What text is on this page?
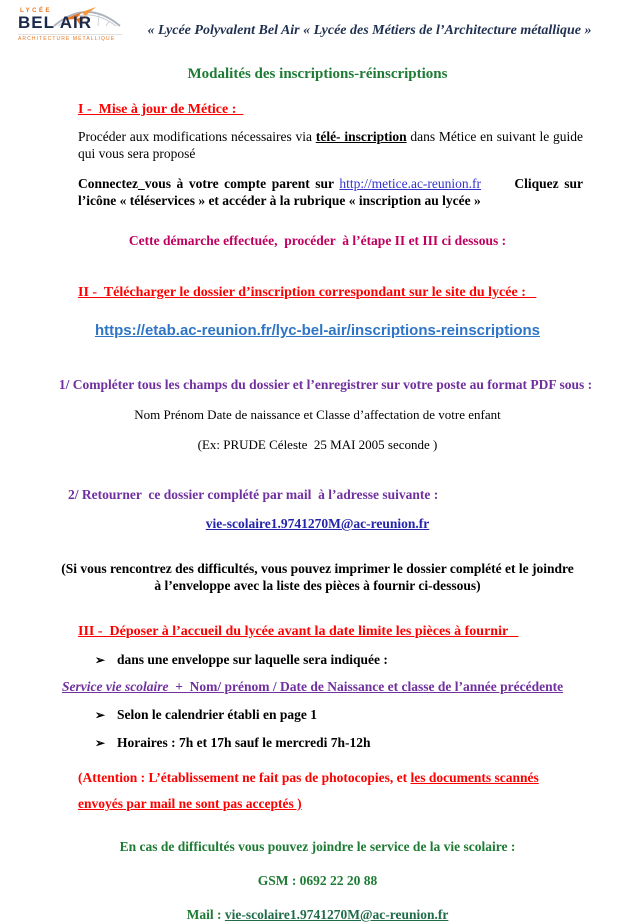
LYCÉE
BEL AIR
ARCHITECTURE MÉTALLIQUE
« Lycée Polyvalent Bel Air « Lycée des Métiers de l’Architecture métallique »
Modalités des inscriptions-réinscriptions
I -  Mise à jour de Métice :
Procéder aux modifications nécessaires via télé- inscription dans Métice en suivant le guide qui vous sera proposé
Connectez_vous à votre compte parent sur http://metice.ac-reunion.fr      Cliquez sur l’icône « téléservices » et accéder à la rubrique « inscription au lycée »
Cette démarche effectuée,  procéder  à l’étape II et III ci dessous :
II -  Télécharger le dossier d’inscription correspondant sur le site du lycée :
https://etab.ac-reunion.fr/lyc-bel-air/inscriptions-reinscriptions
1/ Compléter tous les champs du dossier et l’enregistrer sur votre poste au format PDF sous :
Nom Prénom Date de naissance et Classe d’affectation de votre enfant
(Ex: PRUDE Céleste  25 MAI 2005 seconde )
2/ Retourner  ce dossier complété par mail  à l’adresse suivante :
vie-scolaire1.9741270M@ac-reunion.fr
(Si vous rencontrez des difficultés, vous pouvez imprimer le dossier complété et le joindre à l’enveloppe avec la liste des pièces à fournir ci-dessous)
III -  Déposer à l’accueil du lycée avant la date limite les pièces à fournir
➢ dans une enveloppe sur laquelle sera indiquée :
Service vie scolaire  +  Nom/ prénom / Date de Naissance et classe de l’année précédente
➢ Selon le calendrier établi en page 1
➢ Horaires : 7h et 17h sauf le mercredi 7h-12h
(Attention : L’établissement ne fait pas de photocopies, et les documents scannés envoyés par mail ne sont pas acceptés )
En cas de difficultés vous pouvez joindre le service de la vie scolaire :
GSM : 0692 22 20 88
Mail : vie-scolaire1.9741270M@ac-reunion.fr
